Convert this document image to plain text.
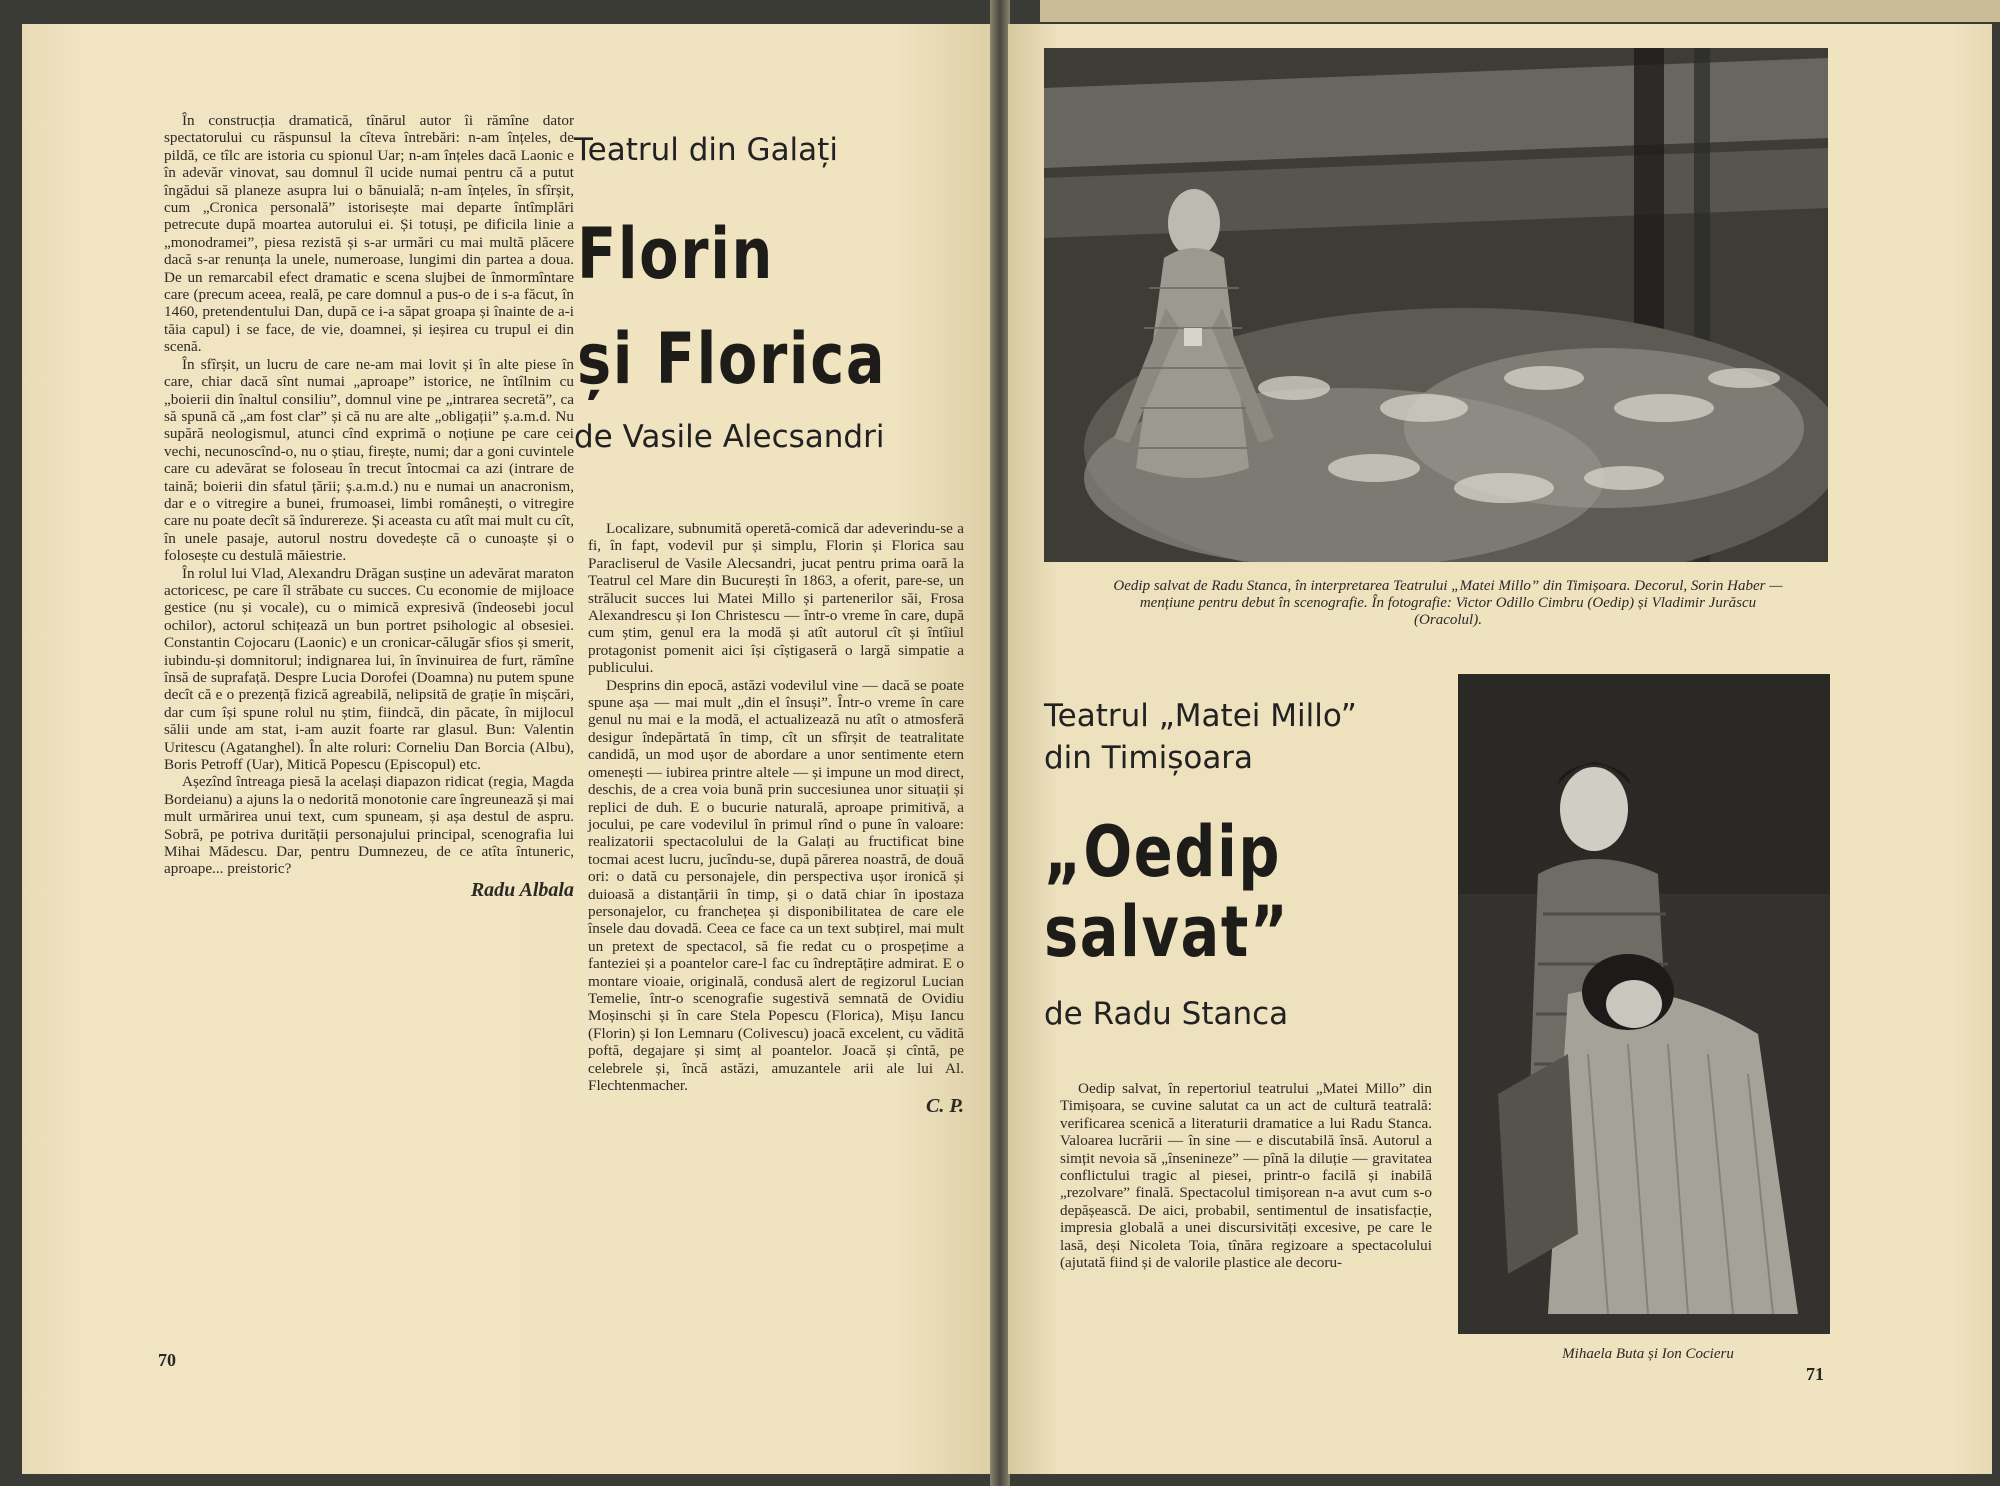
În construcția dramatică, tînărul autor îi rămîne dator spectatorului cu răspunsul la cîteva întrebări: n-am înțeles, de pildă, ce tîlc are istoria cu spionul Uar; n-am înțeles dacă Laonic e în adevăr vinovat, sau domnul îl ucide numai pentru că a putut îngădui să planeze asupra lui o bănuială; n-am înțeles, în sfîrșit, cum „Cronica personală” istorisește mai departe întîmplări petrecute după moartea autorului ei. Și totuși, pe dificila linie a „monodramei”, piesa rezistă și s-ar urmări cu mai multă plăcere dacă s-ar renunța la unele, numeroase, lungimi din partea a doua. De un remarcabil efect dramatic e scena slujbei de înmormîntare care (precum aceea, reală, pe care domnul a pus-o de i s-a făcut, în 1460, pretendentului Dan, după ce i-a săpat groapa și înainte de a-i tăia capul) i se face, de vie, doamnei, și ieșirea cu trupul ei din scenă.

În sfîrșit, un lucru de care ne-am mai lovit și în alte piese în care, chiar dacă sînt numai „aproape” istorice, ne întîlnim cu „boierii din înaltul consiliu”, domnul vine pe „intrarea secretă”, ca să spună că „am fost clar” și că nu are alte „obligații” ș.a.m.d. Nu supără neologismul, atunci cînd exprimă o noțiune pe care cei vechi, necunoscînd-o, nu o știau, firește, numi; dar a goni cuvintele care cu adevărat se foloseau în trecut întocmai ca azi (intrare de taină; boierii din sfatul țării; ș.a.m.d.) nu e numai un anacronism, dar e o vitregire a bunei, frumoasei, limbi românești, o vitregire care nu poate decît să îndurereze. Și aceasta cu atît mai mult cu cît, în unele pasaje, autorul nostru dovedește că o cunoaște și o folosește cu destulă măiestrie.

În rolul lui Vlad, Alexandru Drăgan susține un adevărat maraton actoricesc, pe care îl străbate cu succes. Cu economie de mijloace gestice (nu și vocale), cu o mimică expresivă (îndeosebi jocul ochilor), actorul schițează un bun portret psihologic al obsesiei. Constantin Cojocaru (Laonic) e un cronicar-călugăr sfios și smerit, iubindu-și domnitorul; indignarea lui, în învinuirea de furt, rămîne însă de suprafață. Despre Lucia Dorofei (Doamna) nu putem spune decît că e o prezență fizică agreabilă, nelipsită de grație în mișcări, dar cum își spune rolul nu știm, fiindcă, din păcate, în mijlocul sălii unde am stat, i-am auzit foarte rar glasul. Bun: Valentin Uritescu (Agatanghel). În alte roluri: Corneliu Dan Borcia (Albu), Boris Petroff (Uar), Mitică Popescu (Episcopul) etc.

Așezînd întreaga piesă la același diapazon ridicat (regia, Magda Bordeianu) a ajuns la o nedorită monotonie care îngreunează și mai mult urmărirea unui text, cum spuneam, și așa destul de aspru. Sobră, pe potriva durității personajului principal, scenografia lui Mihai Mădescu. Dar, pentru Dumnezeu, de ce atîta întuneric, aproape... preistoric?

Radu Albala
Teatrul din Galați
Florin
și Florica
de Vasile Alecsandri

Localizare, subnumită operetă-comică dar adeverindu-se a fi, în fapt, vodevil pur și simplu, Florin și Florica sau Paracliserul de Vasile Alecsandri, jucat pentru prima oară la Teatrul cel Mare din București în 1863, a oferit, pare-se, un strălucit succes lui Matei Millo și partenerilor săi, Frosa Alexandrescu și Ion Christescu — într-o vreme în care, după cum știm, genul era la modă și atît autorul cît și întîiul protagonist pomenit aici își cîștigaseră o largă simpatie a publicului.

Desprins din epocă, astăzi vodevilul vine — dacă se poate spune așa — mai mult „din el însuși”. Într-o vreme în care genul nu mai e la modă, el actualizează nu atît o atmosferă desigur îndepărtată în timp, cît un sfîrșit de teatralitate candidă, un mod ușor de abordare a unor sentimente etern omenești — iubirea printre altele — și impune un mod direct, deschis, de a crea voia bună prin succesiunea unor situații și replici de duh. E o bucurie naturală, aproape primitivă, a jocului, pe care vodevilul în primul rînd o pune în valoare: realizatorii spectacolului de la Galați au fructificat bine tocmai acest lucru, jucîndu-se, după părerea noastră, de două ori: o dată cu personajele, din perspectiva ușor ironică și duioasă a distanțării în timp, și o dată chiar în ipostaza personajelor, cu franchețea și disponibilitatea de care ele însele dau dovadă. Ceea ce face ca un text subțirel, mai mult un pretext de spectacol, să fie redat cu o prospețime a fanteziei și a poantelor care-l fac cu îndreptățire admirat. E o montare vioaie, originală, condusă alert de regizorul Lucian Temelie, într-o scenografie sugestivă semnată de Ovidiu Moșinschi și în care Stela Popescu (Florica), Mișu Iancu (Florin) și Ion Lemnaru (Colivescu) joacă excelent, cu vădită poftă, degajare și simț al poantelor. Joacă și cîntă, pe celebrele și, încă astăzi, amuzantele arii ale lui Al. Flechtenmacher.

C. P.
70
Oedip salvat de Radu Stanca, în interpretarea Teatrului „Matei Millo” din Timișoara. Decorul, Sorin Haber — mențiune pentru debut în scenografie. În fotografie: Victor Odillo Cimbru (Oedip) și Vladimir Jurăscu (Oracolul).
Teatrul „Matei Millo”
din Timișoara
„Oedip
salvat”
de Radu Stanca

Oedip salvat, în repertoriul teatrului „Matei Millo” din Timișoara, se cuvine salutat ca un act de cultură teatrală: verificarea scenică a literaturii dramatice a lui Radu Stanca. Valoarea lucrării — în sine — e discutabilă însă. Autorul a simțit nevoia să „însenineze” — pînă la diluție — gravitatea conflictului tragic al piesei, printr-o facilă și inabilă „rezolvare” finală. Spectacolul timișorean n-a avut cum s-o depășească. De aici, probabil, sentimentul de insatisfacție, impresia globală a unei discursivități excesive, pe care le lasă, deși Nicoleta Toia, tînăra regizoare a spectacolului (ajutată fiind și de valorile plastice ale decoru-

Mihaela Buta și Ion Cocieru
71
